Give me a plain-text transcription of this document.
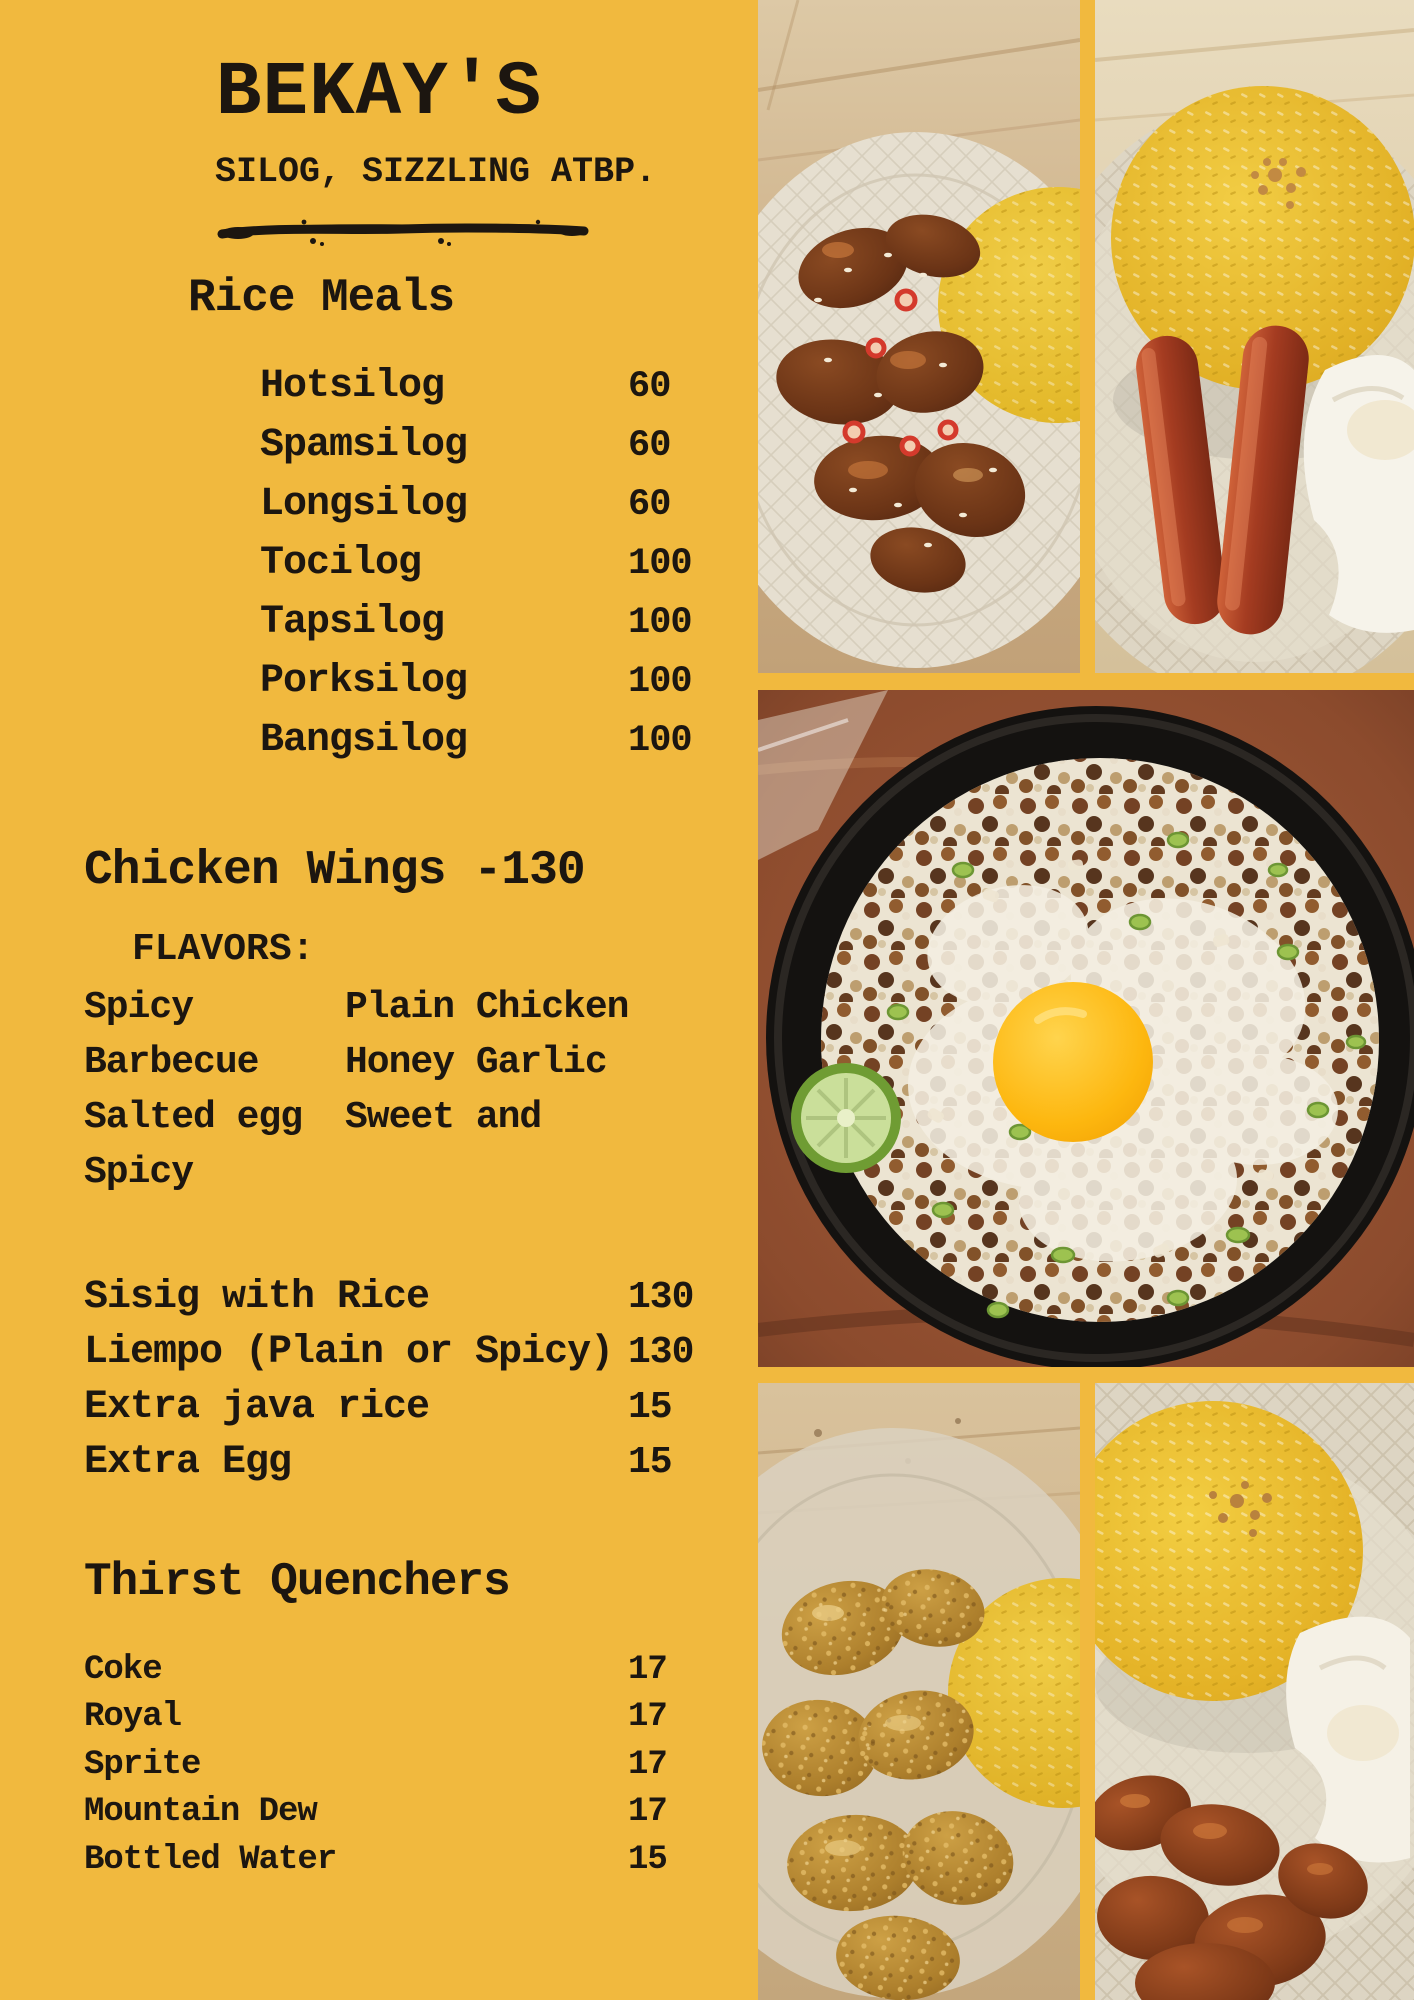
BEKAY'S
SILOG, SIZZLING ATBP.
Rice Meals
Hotsilog	60
Spamsilog	60
Longsilog	60
Tocilog	100
Tapsilog	100
Porksilog	100
Bangsilog	100
Chicken Wings -130
FLAVORS:
Spicy	Plain Chicken
Barbecue	Honey Garlic
Salted egg	Sweet and
Spicy
Sisig with Rice	130
Liempo (Plain or Spicy) 130
Extra java rice	15
Extra Egg	15
Thirst Quenchers
Coke	17
Royal	17
Sprite	17
Mountain Dew	17
Bottled Water	15
